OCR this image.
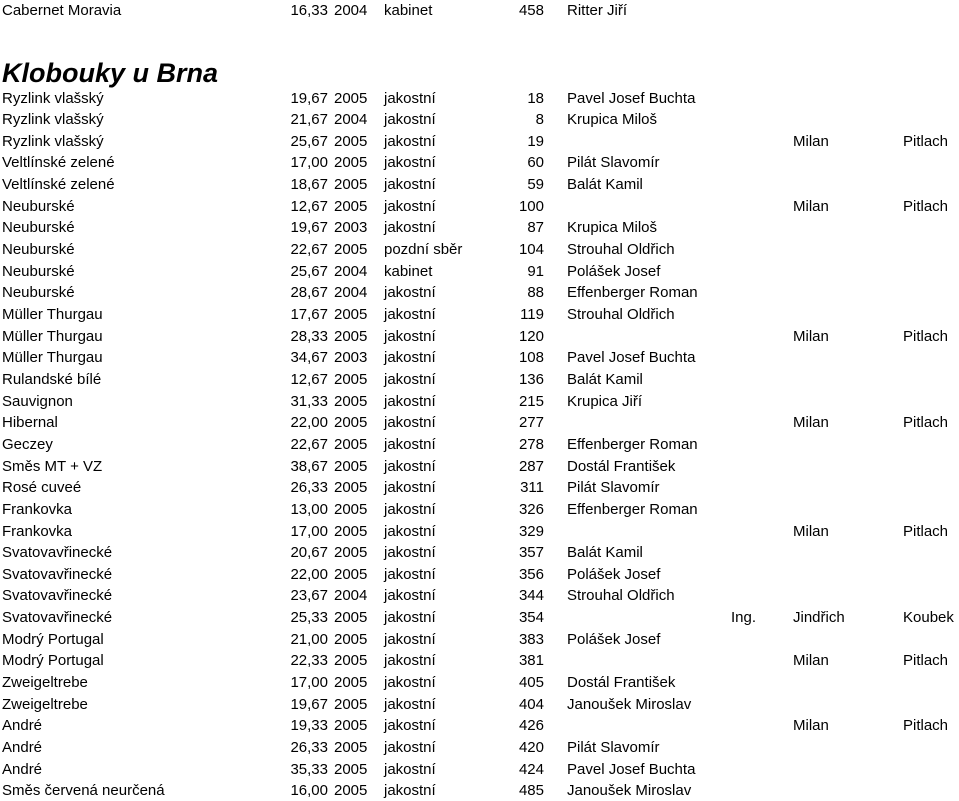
Cabernet Moravia	16,33 2004 kabinet	458 Ritter Jiří
Klobouky u Brna
Ryzlink vlašský	19,67 2005 jakostní	18 Pavel Josef Buchta
Ryzlink vlašský	21,67 2004 jakostní	8 Krupica Miloš
Ryzlink vlašský	25,67 2005 jakostní	19	Milan	Pitlach
Veltlínské zelené	17,00 2005 jakostní	60 Pilát Slavomír
Veltlínské zelené	18,67 2005 jakostní	59 Balát Kamil
Neuburské	12,67 2005 jakostní	100	Milan	Pitlach
Neuburské	19,67 2003 jakostní	87 Krupica Miloš
Neuburské	22,67 2005 pozdní sběr	104 Strouhal Oldřich
Neuburské	25,67 2004 kabinet	91 Polášek Josef
Neuburské	28,67 2004 jakostní	88 Effenberger Roman
Müller Thurgau	17,67 2005 jakostní	119 Strouhal Oldřich
Müller Thurgau	28,33 2005 jakostní	120	Milan	Pitlach
Müller Thurgau	34,67 2003 jakostní	108 Pavel Josef Buchta
Rulandské bílé	12,67 2005 jakostní	136 Balát Kamil
Sauvignon	31,33 2005 jakostní	215 Krupica Jiří
Hibernal	22,00 2005 jakostní	277	Milan	Pitlach
Geczey	22,67 2005 jakostní	278 Effenberger Roman
Směs MT + VZ	38,67 2005 jakostní	287 Dostál František
Rosé cuveé	26,33 2005 jakostní	311 Pilát Slavomír
Frankovka	13,00 2005 jakostní	326 Effenberger Roman
Frankovka	17,00 2005 jakostní	329	Milan	Pitlach
Svatovavřinecké	20,67 2005 jakostní	357 Balát Kamil
Svatovavřinecké	22,00 2005 jakostní	356 Polášek Josef
Svatovavřinecké	23,67 2004 jakostní	344 Strouhal Oldřich
Svatovavřinecké	25,33 2005 jakostní	354	Ing. Jindřich	Koubek
Modrý Portugal	21,00 2005 jakostní	383 Polášek Josef
Modrý Portugal	22,33 2005 jakostní	381	Milan	Pitlach
Zweigeltrebe	17,00 2005 jakostní	405 Dostál František
Zweigeltrebe	19,67 2005 jakostní	404 Janoušek Miroslav
André	19,33 2005 jakostní	426	Milan	Pitlach
André	26,33 2005 jakostní	420 Pilát Slavomír
André	35,33 2005 jakostní	424 Pavel Josef Buchta
Směs červená neurčená	16,00 2005 jakostní	485 Janoušek Miroslav
